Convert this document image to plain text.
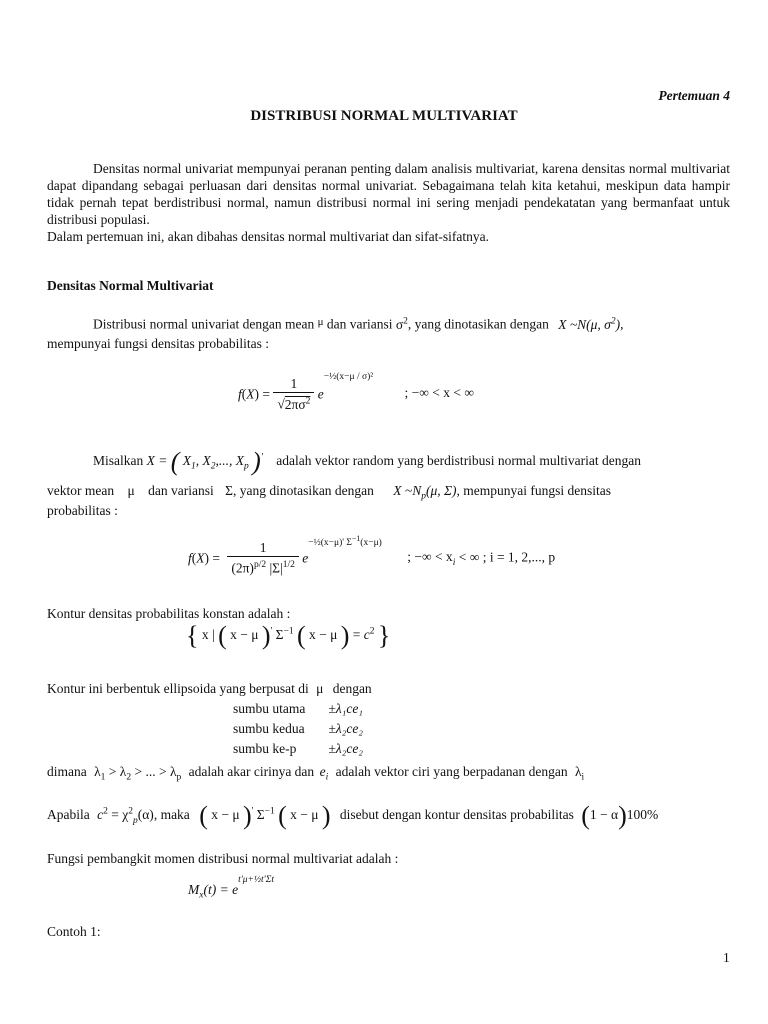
Pertemuan 4
DISTRIBUSI NORMAL MULTIVARIAT

Densitas normal univariat mempunyai peranan penting dalam analisis multivariat, karena densitas normal multivariat dapat dipandang sebagai perluasan dari densitas normal univariat. Sebagaimana telah kita ketahui, meskipun data hampir tidak pernah tepat berdistribusi normal, namun distribusi normal ini sering menjadi pendekatatan yang bermanfaat untuk distribusi populasi.

Dalam pertemuan ini, akan dibahas densitas normal multivariat dan sifat-sifatnya.

Densitas Normal Multivariat
Distribusi normal univariat dengan mean $^\mu$ dan variansi $\sigma^2$, yang dinotasikan dengan X ~N(μ, $\sigma^2$),
mempunyai fungsi densitas probabilitas :
$f(X) = \frac{1}{√2\pi\sigma^2} e^{-\frac{1}{2}(x-\mu / \sigma)^2}$ ; −∞ < x < ∞
Misalkan X = ( $X_1$, $X_2$,..., $X_p$ )' adalah vektor random yang berdistribusi normal multivariat dengan
vektor mean μ dan variansi Σ, yang dinotasikan dengan X $\sim N_p(\mu$, Σ), mempunyai fungsi densitas
probabilitas :
$f(X) = \frac{1}{(2\pi)^{p/2} |\Sigma|^{1/2}} e^{-\frac{1}{2}(x-\mu)' \Sigma^{-1}(x-\mu)}$ ; −∞ < $x_i$ < ∞ ; i = 1, 2,..., p
Kontur densitas probabilitas konstan adalah :
{ x | ( x − μ )' $\Sigma^{-1}$ ( x − μ ) = $c^2$ }
Kontur ini berbentuk ellipsoida yang berpusat di μ dengan
sumbu utama ±λ₁ce₁
sumbu kedua ±λ₂ce₂
sumbu ke-p ±λ₂ce₂
dimana $\lambda_1 > \lambda_2$ > ... > $\lambda_p$ adalah akar cirinya dan $e_i$ adalah vektor ciri yang berpadanan dengan $\lambda_i$
Apabila $c^2 = \chi^2_p(\alpha)$, maka ( x − μ )' $\Sigma^{-1}$ ( x − μ ) disebut dengan kontur densitas probabilitas (1 − α)100%
Fungsi pembangkit momen distribusi normal multivariat adalah :
$M_x(t)$ = et'μ+½t'Σt
Contoh 1:
1
